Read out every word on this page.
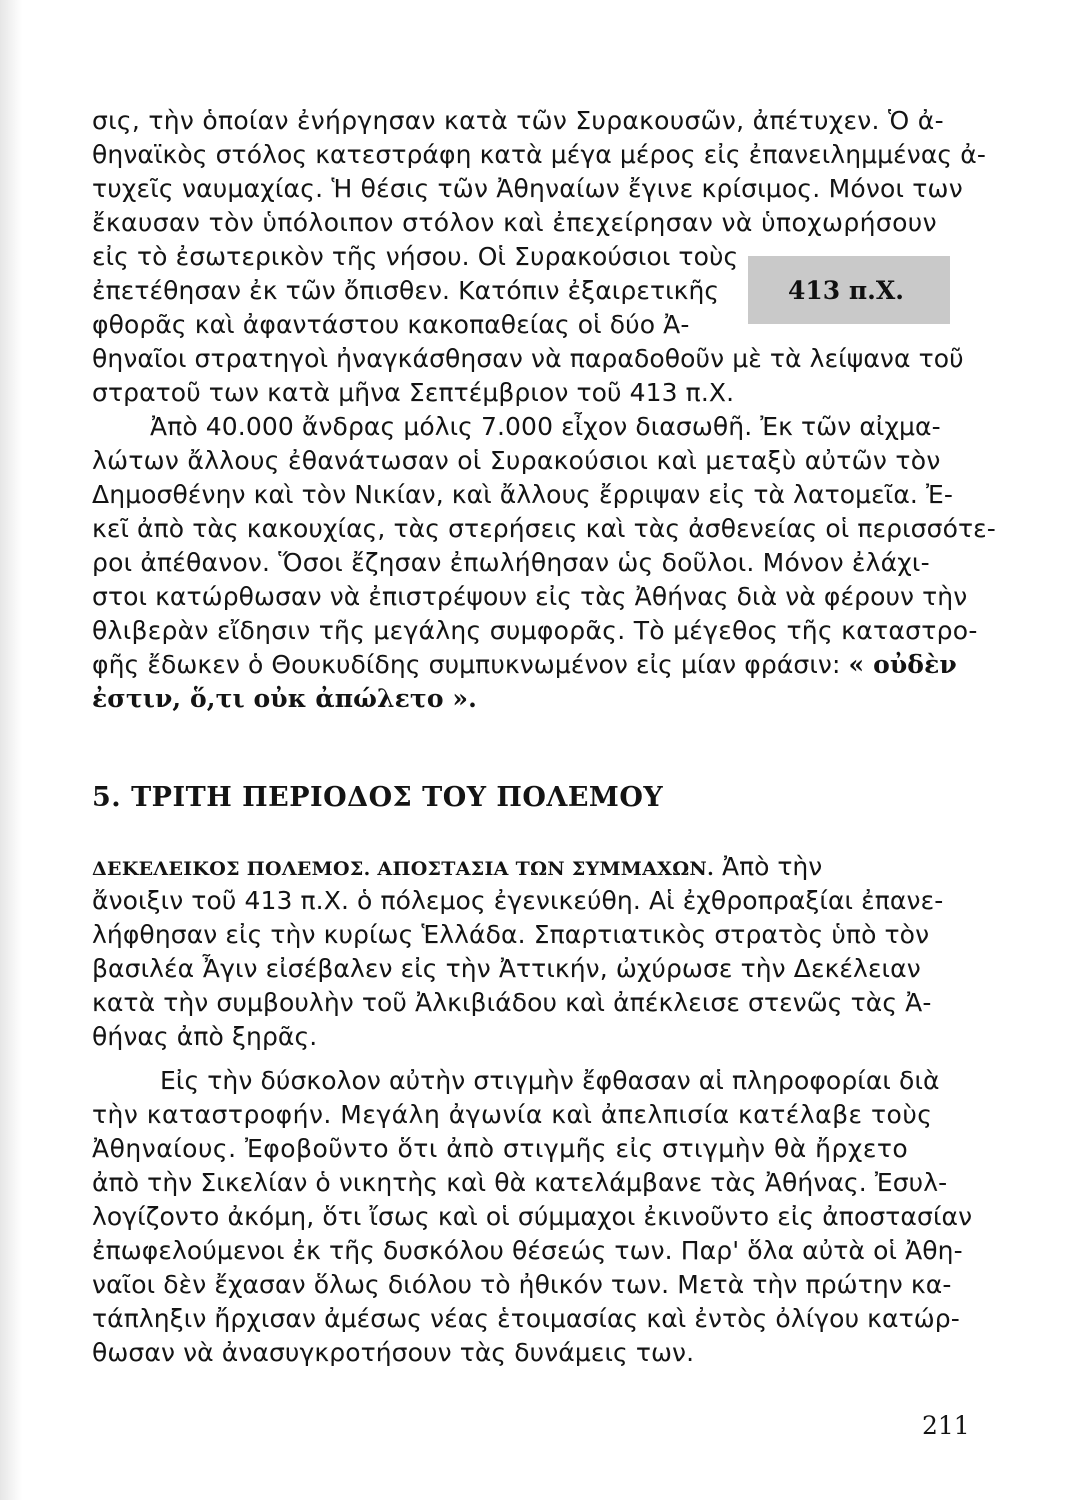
σις, τὴν ὁποίαν ἐνήργησαν κατὰ τῶν Συρακουσῶν, ἀπέτυχεν. Ὁ ἀ-
θηναϊκὸς στόλος κατεστράφη κατὰ μέγα μέρος εἰς ἐπανειλημμένας ἀ-
τυχεῖς ναυμαχίας. Ἡ θέσις τῶν Ἀθηναίων ἔγινε κρίσιμος. Μόνοι των
ἔκαυσαν τὸν ὑπόλοιπον στόλον καὶ ἐπεχείρησαν νὰ ὑποχωρήσουν
εἰς τὸ ἐσωτερικὸν τῆς νήσου. Οἱ Συρακούσιοι τοὺς
ἐπετέθησαν ἐκ τῶν ὄπισθεν. Κατόπιν ἐξαιρετικῆς
φθορᾶς καὶ ἀφαντάστου κακοπαθείας οἱ δύο Ἀ-
θηναῖοι στρατηγοὶ ἠναγκάσθησαν νὰ παραδοθοῦν μὲ τὰ λείψανα τοῦ
στρατοῦ των κατὰ μῆνα Σεπτέμβριον τοῦ 413 π.Χ.
413 π.Χ.
Ἀπὸ 40.000 ἄνδρας μόλις 7.000 εἶχον διασωθῆ. Ἐκ τῶν αἰχμα-
λώτων ἄλλους ἐθανάτωσαν οἱ Συρακούσιοι καὶ μεταξὺ αὐτῶν τὸν
Δημοσθένην καὶ τὸν Νικίαν, καὶ ἄλλους ἔρριψαν εἰς τὰ λατομεῖα. Ἐ-
κεῖ ἀπὸ τὰς κακουχίας, τὰς στερήσεις καὶ τὰς ἀσθενείας οἱ περισσότε-
ροι ἀπέθανον. Ὅσοι ἔζησαν ἐπωλήθησαν ὡς δοῦλοι. Μόνον ἐλάχι-
στοι κατώρθωσαν νὰ ἐπιστρέψουν εἰς τὰς Ἀθήνας διὰ νὰ φέρουν τὴν
θλιβερὰν εἴδησιν τῆς μεγάλης συμφορᾶς. Τὸ μέγεθος τῆς καταστρο-
φῆς ἔδωκεν ὁ Θουκυδίδης συμπυκνωμένον εἰς μίαν φράσιν: « οὐδὲν
ἐστιν, ὅ,τι οὐκ ἀπώλετο ».
5. ΤΡΙΤΗ ΠΕΡΙΟΔΟΣ ΤΟΥ ΠΟΛΕΜΟΥ
ΔΕΚΕΛΕΙΚΟΣ ΠΟΛΕΜΟΣ. ΑΠΟΣΤΑΣΙΑ ΤΩΝ ΣΥΜΜΑΧΩΝ. Ἀπὸ τὴν
ἄνοιξιν τοῦ 413 π.Χ. ὁ πόλεμος ἐγενικεύθη. Αἱ ἐχθροπραξίαι ἐπανε-
λήφθησαν εἰς τὴν κυρίως Ἑλλάδα. Σπαρτιατικὸς στρατὸς ὑπὸ τὸν
βασιλέα Ἆγιν εἰσέβαλεν εἰς τὴν Ἀττικήν, ὠχύρωσε τὴν Δεκέλειαν
κατὰ τὴν συμβουλὴν τοῦ Ἀλκιβιάδου καὶ ἀπέκλεισε στενῶς τὰς Ἀ-
θήνας ἀπὸ ξηρᾶς.
Εἰς τὴν δύσκολον αὐτὴν στιγμὴν ἔφθασαν αἱ πληροφορίαι διὰ
τὴν καταστροφήν. Μεγάλη ἀγωνία καὶ ἀπελπισία κατέλαβε τοὺς
Ἀθηναίους. Ἐφοβοῦντο ὅτι ἀπὸ στιγμῆς εἰς στιγμὴν θὰ ἤρχετο
ἀπὸ τὴν Σικελίαν ὁ νικητὴς καὶ θὰ κατελάμβανε τὰς Ἀθήνας. Ἐσυλ-
λογίζοντο ἀκόμη, ὅτι ἴσως καὶ οἱ σύμμαχοι ἐκινοῦντο εἰς ἀποστασίαν
ἐπωφελούμενοι ἐκ τῆς δυσκόλου θέσεώς των. Παρ' ὅλα αὐτὰ οἱ Ἀθη-
ναῖοι δὲν ἔχασαν ὅλως διόλου τὸ ἠθικόν των. Μετὰ τὴν πρώτην κα-
τάπληξιν ἤρχισαν ἀμέσως νέας ἑτοιμασίας καὶ ἐντὸς ὀλίγου κατώρ-
θωσαν νὰ ἀνασυγκροτήσουν τὰς δυνάμεις των.
211
